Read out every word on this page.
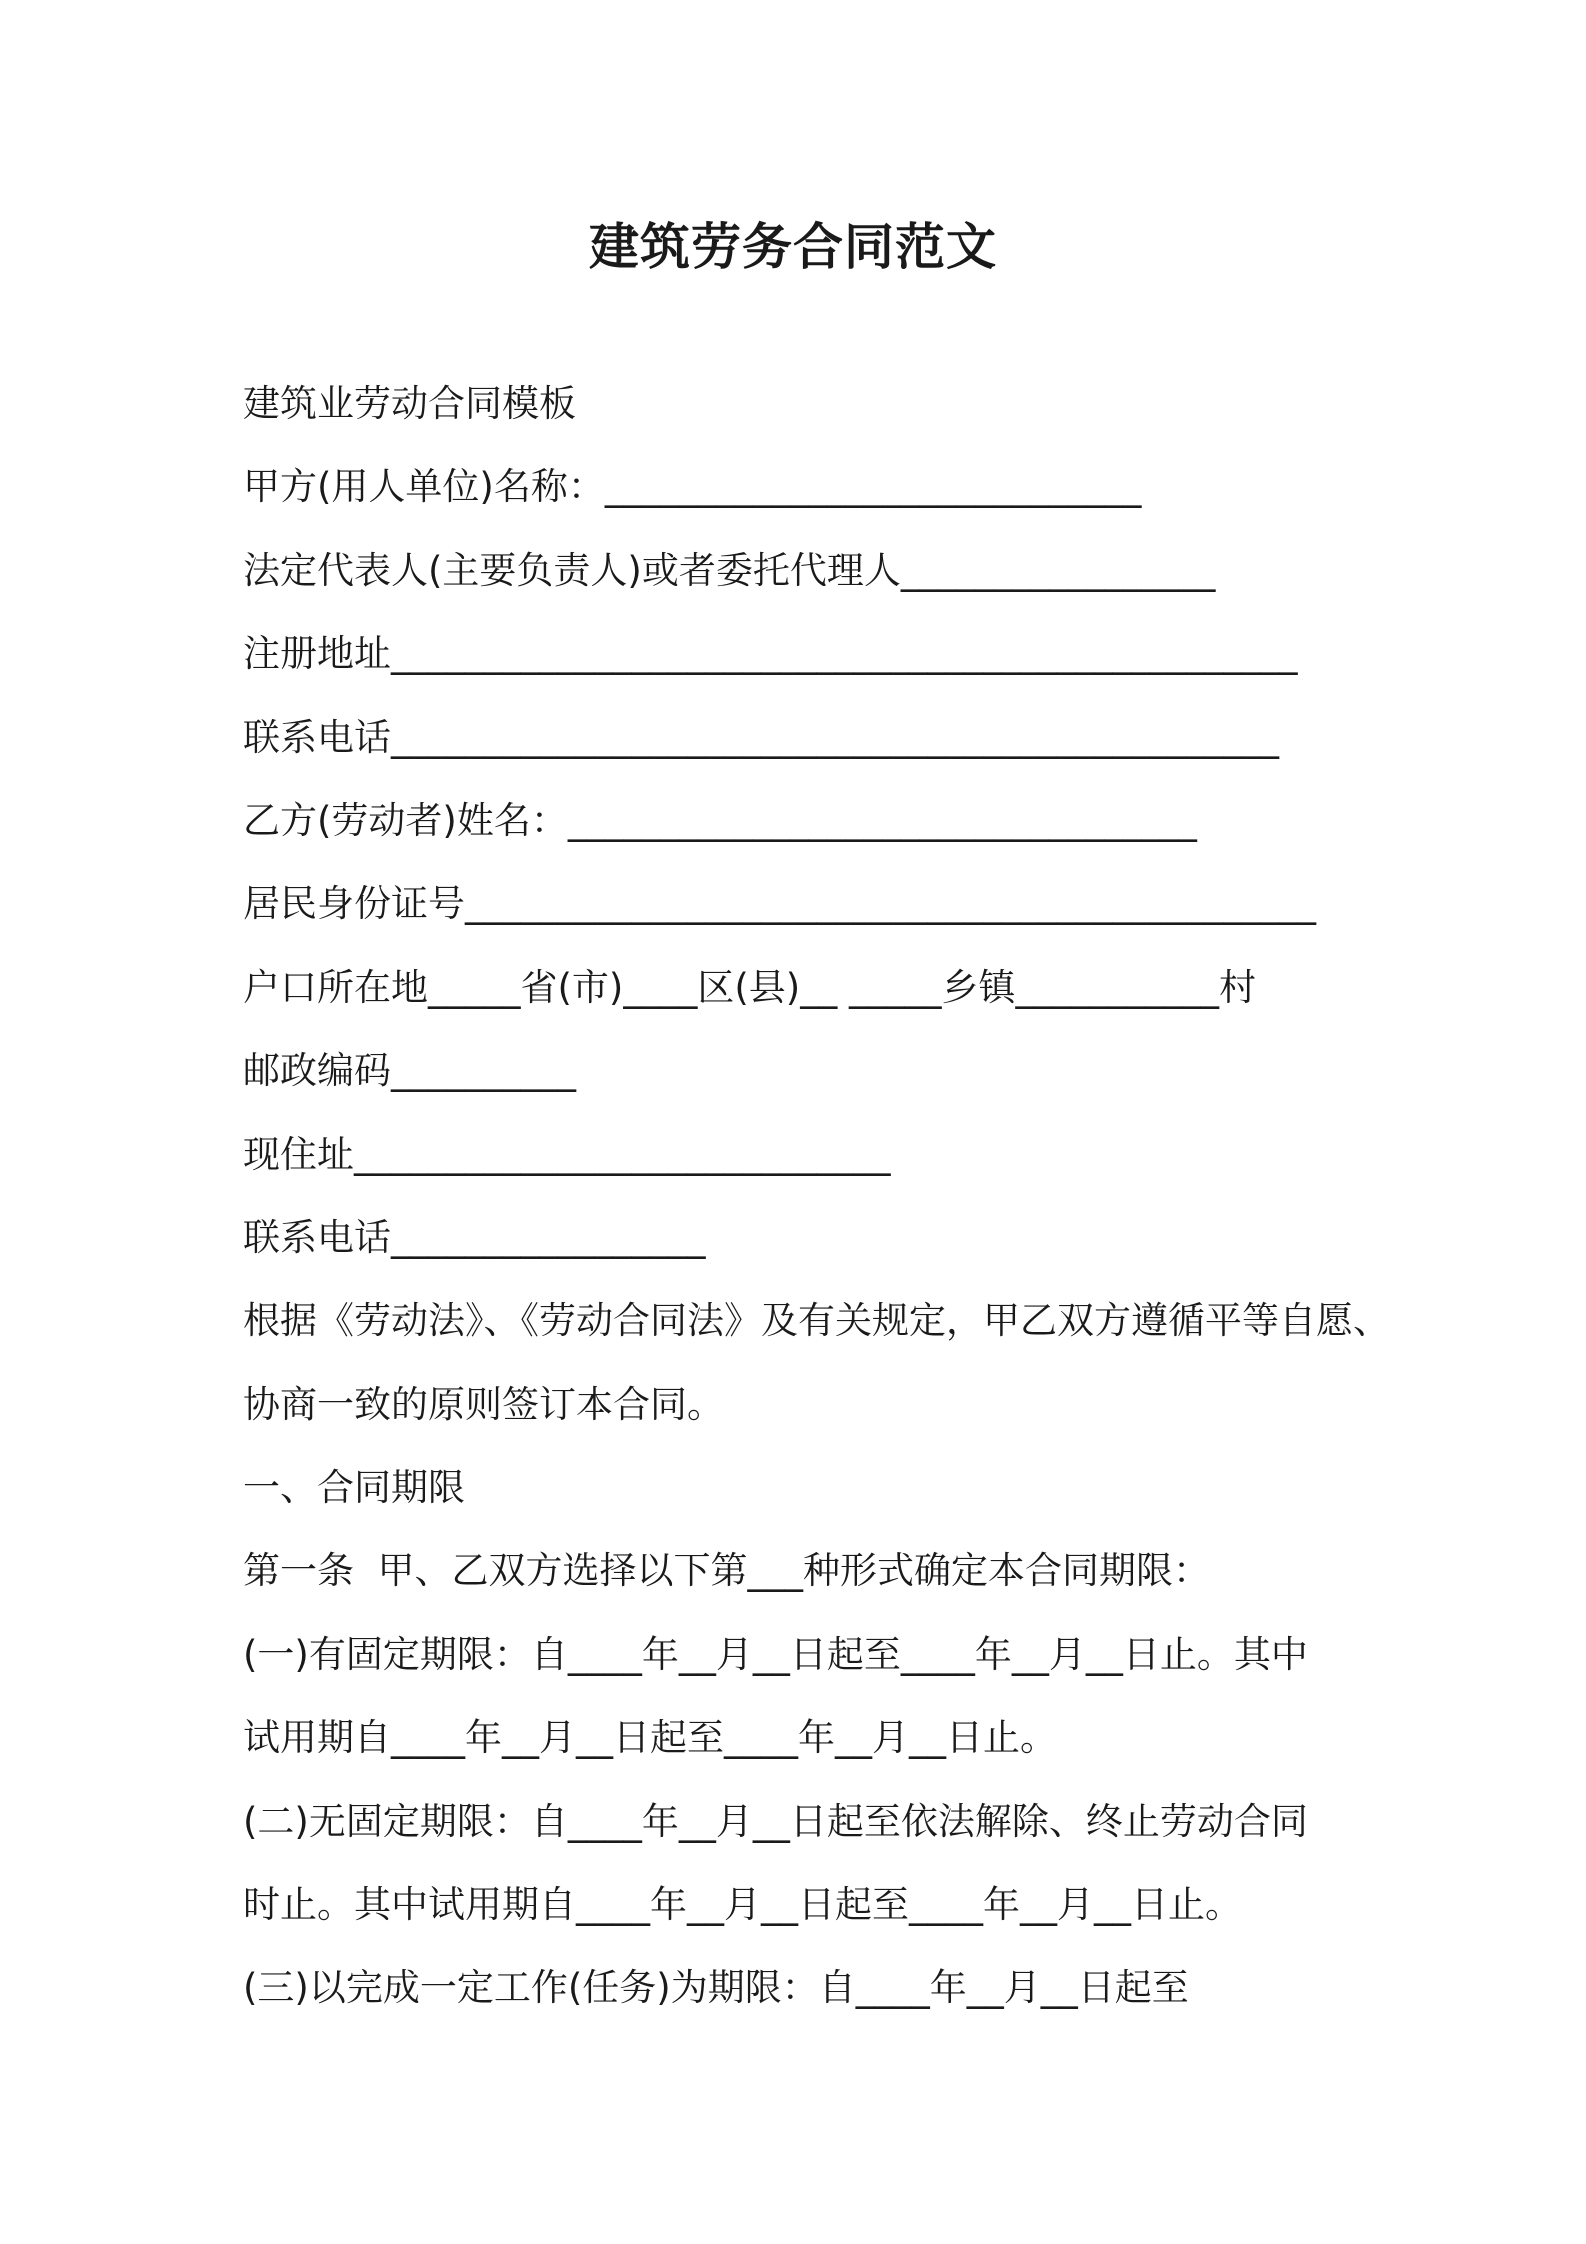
建筑劳务合同范文
建筑业劳动合同模板
甲方(用人单位)名称：_____________________________
法定代表人(主要负责人)或者委托代理人_________________
注册地址_________________________________________________
联系电话________________________________________________
乙方(劳动者)姓名：__________________________________
居民身份证号______________________________________________
户口所在地_____省(市)____区(县)__ _____乡镇___________村
邮政编码__________
现住址_____________________________
联系电话_________________
根据《劳动法》、《劳动合同法》及有关规定，甲乙双方遵循平等自愿、
协商一致的原则签订本合同。
一、合同期限
第一条  甲、乙双方选择以下第___种形式确定本合同期限：
(一)有固定期限：自____年__月__日起至____年__月__日止。其中
试用期自____年__月__日起至____年__月__日止。
(二)无固定期限：自____年__月__日起至依法解除、终止劳动合同
时止。其中试用期自____年__月__日起至____年__月__日止。
(三)以完成一定工作(任务)为期限：自____年__月__日起至
